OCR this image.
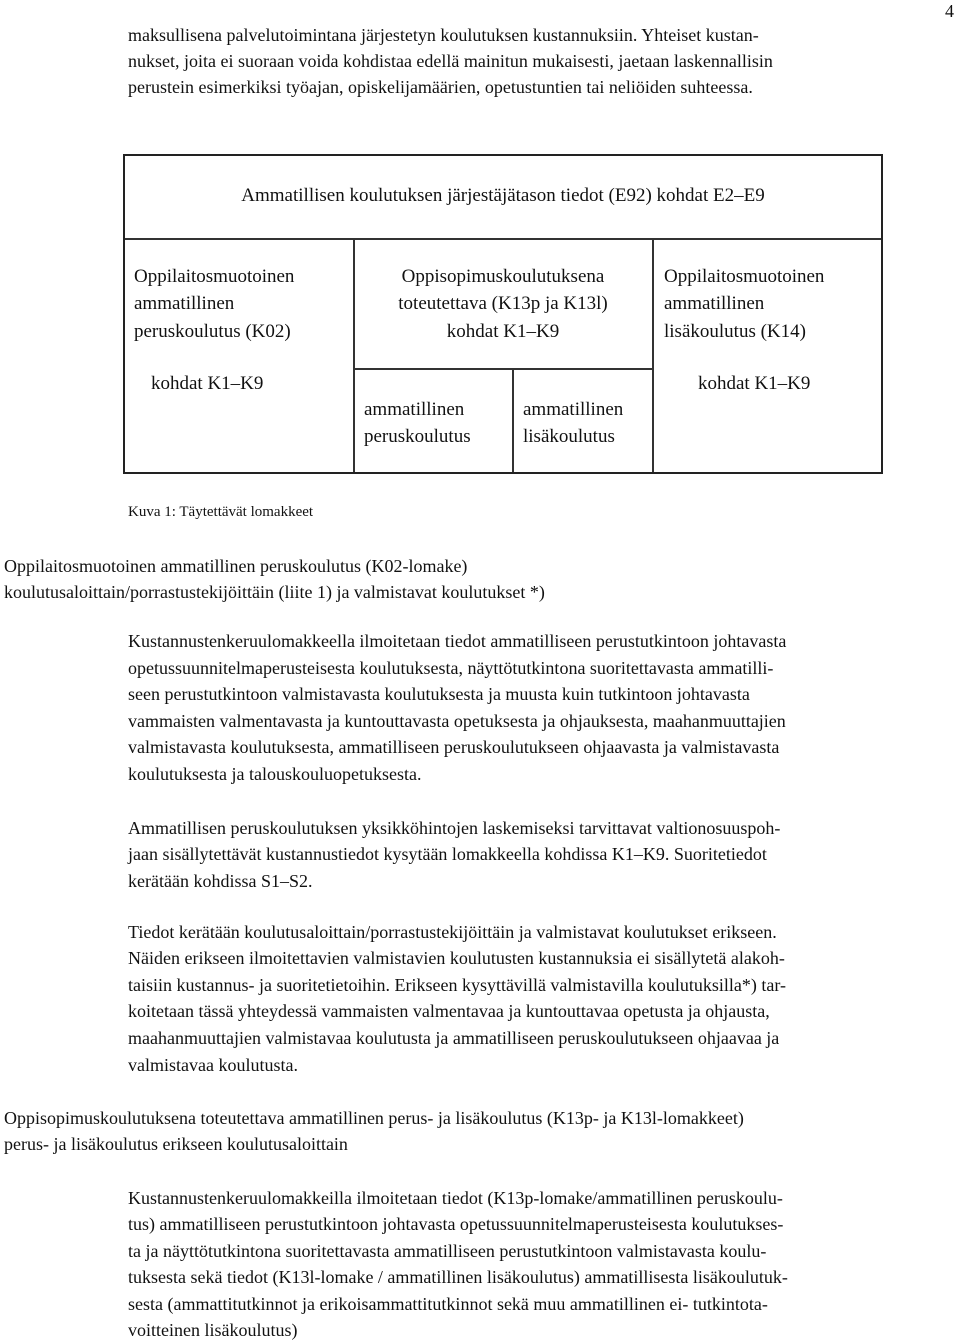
4
maksullisena palvelutoimintana järjestetyn koulutuksen kustannuksiin. Yhteiset kustan-
nukset, joita ei suoraan voida kohdistaa edellä mainitun mukaisesti, jaetaan laskennallisin
perustein esimerkiksi työajan, opiskelijamäärien, opetustuntien tai neliöiden suhteessa.
Ammatillisen koulutuksen järjestäjätason tiedot (E92) kohdat E2–E9
Oppilaitosmuotoinen
ammatillinen
peruskoulutus (K02)
kohdat K1–K9
Oppisopimuskoulutuksena
toteutettava (K13p ja K13l)
kohdat K1–K9
ammatillinen
peruskoulutus
ammatillinen
lisäkoulutus
Oppilaitosmuotoinen
ammatillinen
lisäkoulutus (K14)
kohdat K1–K9
Kuva 1: Täytettävät lomakkeet
Oppilaitosmuotoinen ammatillinen peruskoulutus (K02-lomake)
koulutusaloittain/porrastustekijöittäin (liite 1) ja valmistavat koulutukset *)
Kustannustenkeruulomakkeella ilmoitetaan tiedot ammatilliseen perustutkintoon johtavasta
opetussuunnitelmaperusteisesta koulutuksesta, näyttötutkintona suoritettavasta ammatilli-
seen perustutkintoon valmistavasta koulutuksesta ja muusta kuin tutkintoon johtavasta
vammaisten valmentavasta ja kuntouttavasta opetuksesta ja ohjauksesta, maahanmuuttajien
valmistavasta koulutuksesta, ammatilliseen peruskoulutukseen ohjaavasta ja valmistavasta
koulutuksesta ja talouskouluopetuksesta.
Ammatillisen peruskoulutuksen yksikköhintojen laskemiseksi tarvittavat valtionosuuspoh-
jaan sisällytettävät kustannustiedot kysytään lomakkeella kohdissa K1–K9. Suoritetiedot
kerätään kohdissa S1–S2.
Tiedot kerätään koulutusaloittain/porrastustekijöittäin ja valmistavat koulutukset erikseen.
Näiden erikseen ilmoitettavien valmistavien koulutusten kustannuksia ei sisällytetä alakoh-
taisiin kustannus- ja suoritetietoihin. Erikseen kysyttävillä valmistavilla koulutuksilla*) tar-
koitetaan tässä yhteydessä vammaisten valmentavaa ja kuntouttavaa opetusta ja ohjausta,
maahanmuuttajien valmistavaa koulutusta ja ammatilliseen peruskoulutukseen ohjaavaa ja
valmistavaa koulutusta.
Oppisopimuskoulutuksena toteutettava ammatillinen perus- ja lisäkoulutus (K13p- ja K13l-lomakkeet)
perus- ja lisäkoulutus erikseen koulutusaloittain
Kustannustenkeruulomakkeilla ilmoitetaan tiedot (K13p-lomake/ammatillinen peruskoulu-
tus) ammatilliseen perustutkintoon johtavasta opetussuunnitelmaperusteisesta koulutukses-
ta ja näyttötutkintona suoritettavasta ammatilliseen perustutkintoon valmistavasta koulu-
tuksesta sekä tiedot (K13l-lomake / ammatillinen lisäkoulutus) ammatillisesta lisäkoulutuk-
sesta (ammattitutkinnot ja erikoisammattitutkinnot sekä muu ammatillinen ei- tutkintota-
voitteinen lisäkoulutus)
